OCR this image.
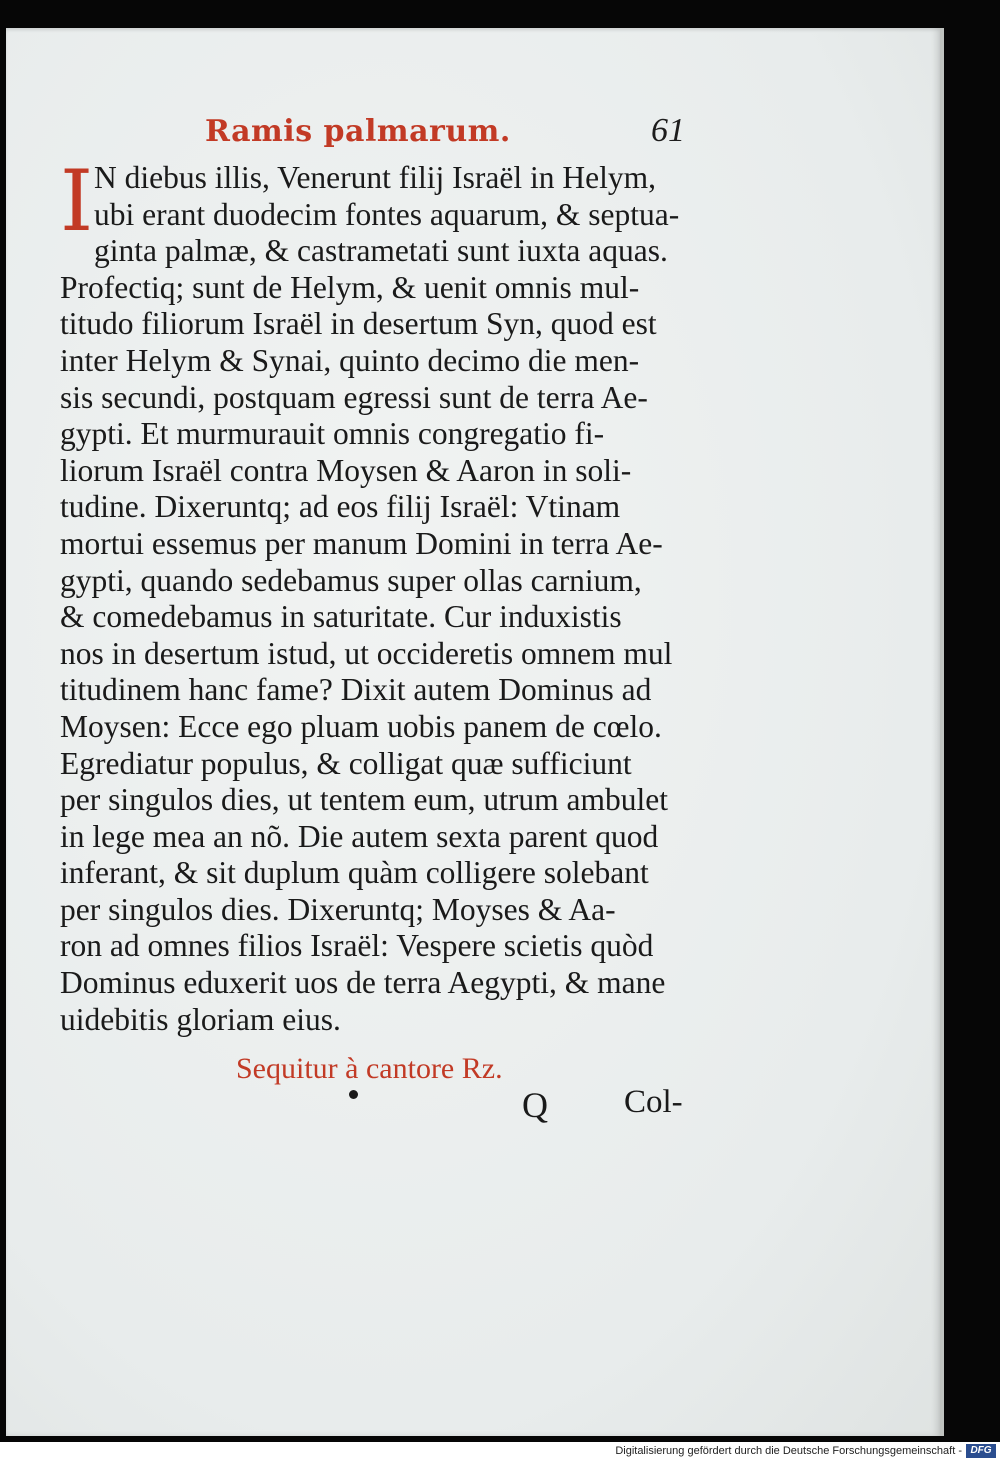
Ramis palmarum.	61
I N diebus illis, Venerunt filij Israël in Helym,
ubi erant duodecim fontes aquarum, & septua-
ginta palmæ, & castrametati sunt iuxta aquas.
Profectiq; sunt de Helym, & uenit omnis mul-
titudo filiorum Israël in desertum Syn, quod est
inter Helym & Synai, quinto decimo die men-
sis secundi, postquam egressi sunt de terra Ae-
gypti. Et murmurauit omnis congregatio fi-
liorum Israël contra Moysen & Aaron in soli-
tudine. Dixeruntq; ad eos filij Israël: Vtinam
mortui essemus per manum Domini in terra Ae-
gypti, quando sedebamus super ollas carnium,
& comedebamus in saturitate. Cur induxistis
nos in desertum istud, ut occideretis omnem mul
titudinem hanc fame? Dixit autem Dominus ad
Moysen: Ecce ego pluam uobis panem de cœlo.
Egrediatur populus, & colligat quæ sufficiunt
per singulos dies, ut tentem eum, utrum ambulet
in lege mea an nõ. Die autem sexta parent quod
inferant, & sit duplum quàm colligere solebant
per singulos dies. Dixeruntq; Moyses & Aa-
ron ad omnes filios Israël: Vespere scietis quòd
Dominus eduxerit uos de terra Aegypti, & mane
uidebitis gloriam eius.
Sequitur à cantore Rz.
Q Col-
Digitalisierung gefördert durch die Deutsche Forschungsgemeinschaft - DFG
